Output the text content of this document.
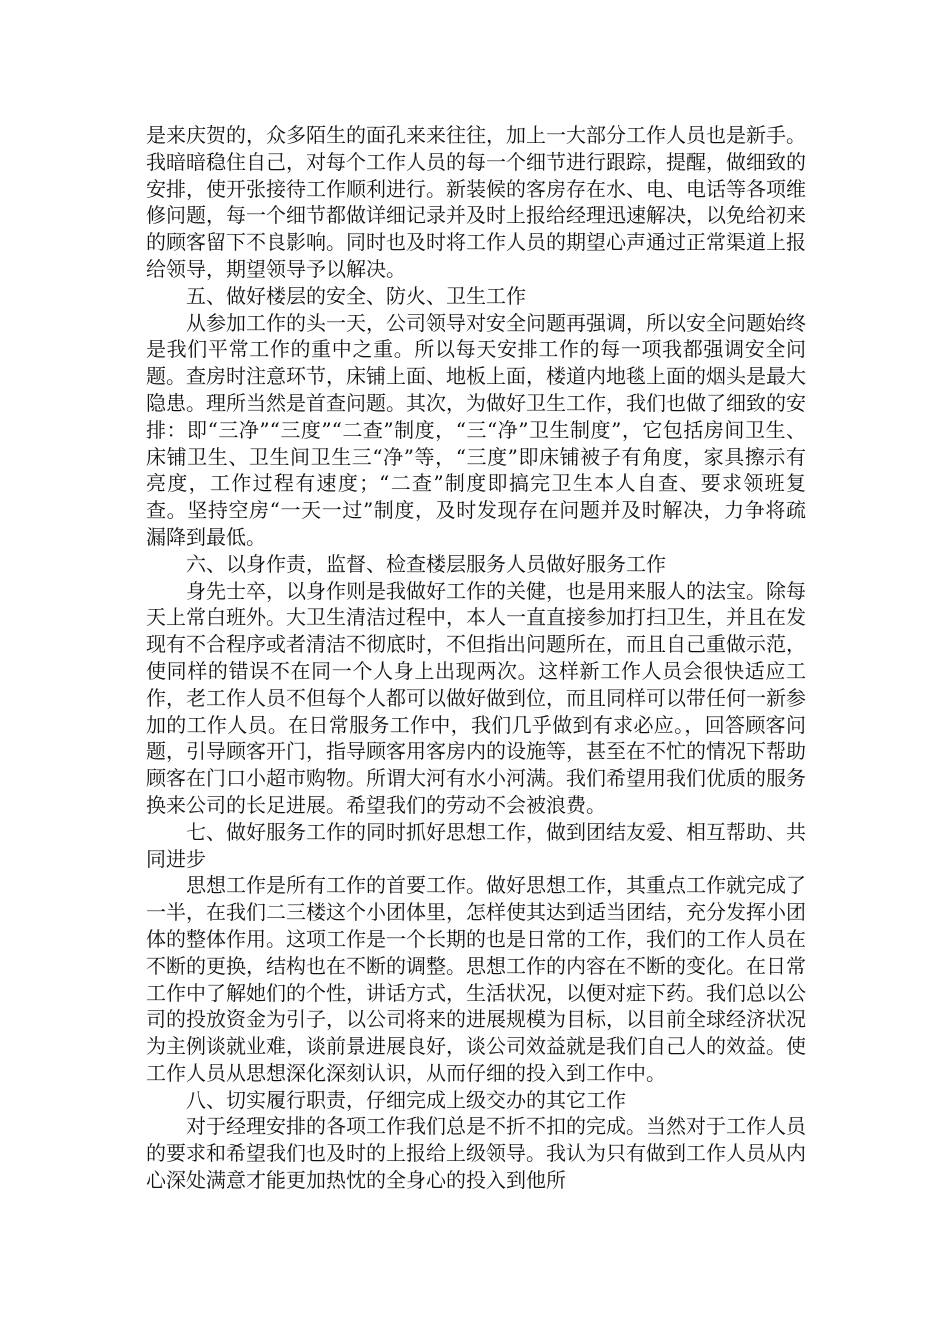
是来庆贺的，众多陌生的面孔来来往往，加上一大部分工作人员也是新手。我暗暗稳住自己，对每个工作人员的每一个细节进行跟踪，提醒，做细致的安排，使开张接待工作顺利进行。新装候的客房存在水、电、电话等各项维修问题，每一个细节都做详细记录并及时上报给经理迅速解决，以免给初来的顾客留下不良影响。同时也及时将工作人员的期望心声通过正常渠道上报给领导，期望领导予以解决。

五、做好楼层的安全、防火、卫生工作

从参加工作的头一天，公司领导对安全问题再强调，所以安全问题始终是我们平常工作的重中之重。所以每天安排工作的每一项我都强调安全问题。查房时注意环节，床铺上面、地板上面，楼道内地毯上面的烟头是最大隐患。理所当然是首查问题。其次，为做好卫生工作，我们也做了细致的安排：即“三净”“三度”“二查”制度，“三“净”卫生制度”，它包括房间卫生、床铺卫生、卫生间卫生三“净”等，“三度”即床铺被子有角度，家具擦示有亮度，工作过程有速度；“二查”制度即搞完卫生本人自查、要求领班复查。坚持空房“一天一过”制度，及时发现存在问题并及时解决，力争将疏漏降到最低。

六、以身作责，监督、检查楼层服务人员做好服务工作

身先士卒，以身作则是我做好工作的关健，也是用来服人的法宝。除每天上常白班外。大卫生清洁过程中，本人一直直接参加打扫卫生，并且在发现有不合程序或者清洁不彻底时，不但指出问题所在，而且自己重做示范，使同样的错误不在同一个人身上出现两次。这样新工作人员会很快适应工作，老工作人员不但每个人都可以做好做到位，而且同样可以带任何一新参加的工作人员。在日常服务工作中，我们几乎做到有求必应。，回答顾客问题，引导顾客开门，指导顾客用客房内的设施等，甚至在不忙的情况下帮助顾客在门口小超市购物。所谓大河有水小河满。我们希望用我们优质的服务换来公司的长足进展。希望我们的劳动不会被浪费。

七、做好服务工作的同时抓好思想工作，做到团结友爱、相互帮助、共同进步

思想工作是所有工作的首要工作。做好思想工作，其重点工作就完成了一半，在我们二三楼这个小团体里，怎样使其达到适当团结，充分发挥小团体的整体作用。这项工作是一个长期的也是日常的工作，我们的工作人员在不断的更换，结构也在不断的调整。思想工作的内容在不断的变化。在日常工作中了解她们的个性，讲话方式，生活状况，以便对症下药。我们总以公司的投放资金为引子，以公司将来的进展规模为目标，以目前全球经济状况为主例谈就业难，谈前景进展良好，谈公司效益就是我们自己人的效益。使工作人员从思想深化深刻认识，从而仔细的投入到工作中。

八、切实履行职责，仔细完成上级交办的其它工作

对于经理安排的各项工作我们总是不折不扣的完成。当然对于工作人员的要求和希望我们也及时的上报给上级领导。我认为只有做到工作人员从内心深处满意才能更加热忱的全身心的投入到他所
